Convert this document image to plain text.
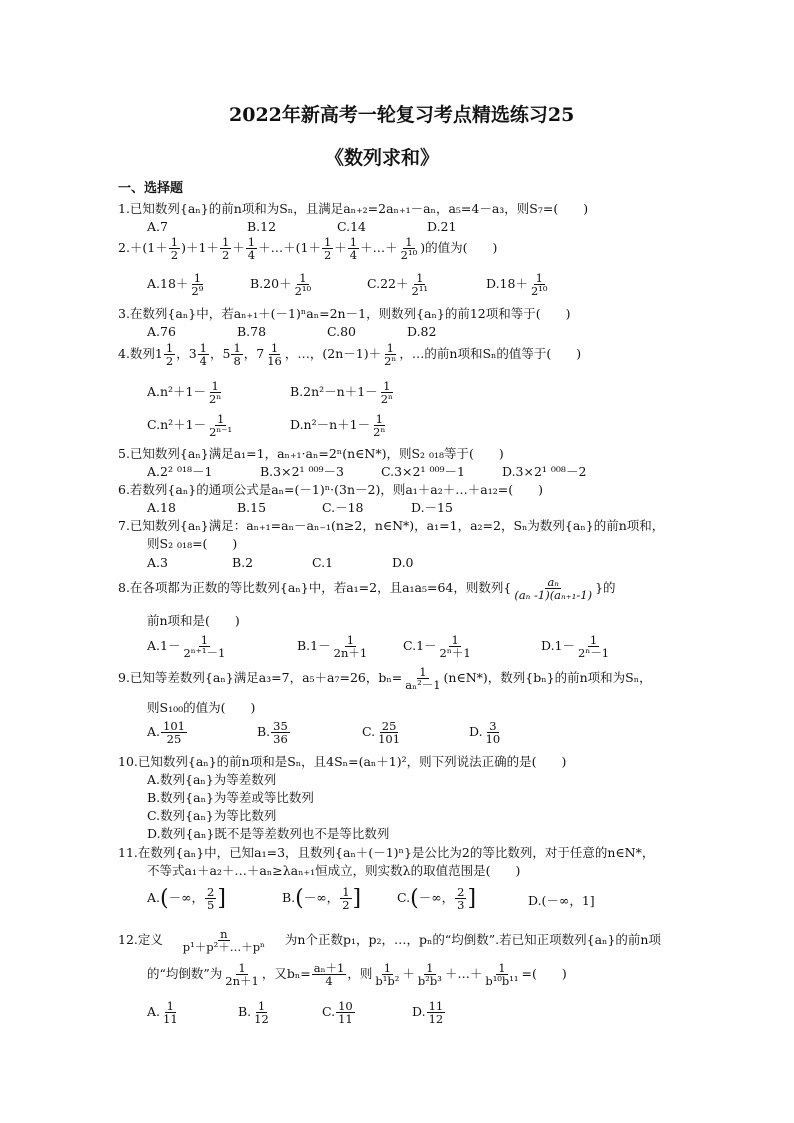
2022年新高考一轮复习考点精选练习25
《数列求和》
一、选择题
1.已知数列{aₙ}的前n项和为Sₙ，且满足aₙ₊₂=2aₙ₊₁－aₙ，a₅=4－a₃，则S₇=(　　)
A.7	B.12	C.14	D.21
$2.+(1+ \frac{1}{2} )+1+ \frac{1}{2} + \frac{1}{4}$ ＋…＋(1＋ $\frac{1}{2} + \frac{1}{4}$ ＋…＋ $\frac{1}{\text{2¹⁰}}$ )的值为(　　)
$A.18+ \frac{1}{\text{2⁹}}$	$B.20+ \frac{1}{\text{2¹⁰}}$	$C.22+ \frac{1}{\text{2¹¹}}$	$D.18+ \frac{1}{\text{2¹⁰}}$
3.在数列{aₙ}中，若aₙ₊₁＋(－1)ⁿaₙ=2n－1，则数列{aₙ}的前12项和等于(　　)
A.76	B.78	C.80	D.82
4.数列$1 \frac{1}{2}$ ，$3 \frac{1}{4}$ ，$5 \frac{1}{8}$ ，$7 \frac{1}{16}$ ，…，$(2n-1)+ \frac{1}{\text{2ⁿ}}$ ，…的前n项和Sₙ的值等于(　　)
$A.n^2+1- \frac{1}{\text{2ⁿ}}$	$B.2n^2-n+1- \frac{1}{\text{2ⁿ}}$
$C.n^2+1- \frac{1}{\text{2ⁿ⁻¹}}$	$D.n^2-n+1- \frac{1}{\text{2ⁿ}}$
5.已知数列{aₙ}满足a₁=1，aₙ₊₁·aₙ=2ⁿ(n∈N*)，则S₂ ₀₁₈等于(　　)
A.2² ⁰¹⁸－1	B.3×2¹ ⁰⁰⁹－3	C.3×2¹ ⁰⁰⁹－1	D.3×2¹ ⁰⁰⁸－2
6.若数列{aₙ}的通项公式是aₙ=(－1)ⁿ·(3n－2)，则a₁＋a₂＋…＋a₁₂=(　　)
A.18	B.15	C.－18	D.－15
7.已知数列{aₙ}满足：aₙ₊₁=aₙ－aₙ₋₁(n≥2，n∈N*)，a₁=1，a₂=2，Sₙ为数列{aₙ}的前n项和，
则S₂ ₀₁₈=(　　)
A.3	B.2	C.1	D.0
8.在各项都为正数的等比数列{aₙ}中，若a₁=2，且a₁a₅=64，则数列{ $\frac{\text{aₙ}}{\text{(aₙ -1)(aₙ₊₁-1)}}$ }的
前n项和是(　　)
$A.1- \frac{1}{\text{2ⁿ⁺¹－1}}$	$B.1- \frac{1}{2n+1}$	$C.1- \frac{1}{\text{2ⁿ＋1}}$	$D.1- \frac{1}{\text{2ⁿ－1}}$
9.已知等差数列{aₙ}满足a₃=7，a₅＋a₇=26，$b_n= \frac{1}{\text{aₙ²－1}}$ (n∈N*)，数列{bₙ}的前n项和为Sₙ，
则S₁₀₀的值为(　　)
A. $\frac{101}{25}$	B. $\frac{35}{36}$	C. $\frac{25}{101}$	D. $\frac{3}{10}$
10.已知数列{aₙ}的前n项和是Sₙ，且4Sₙ=(aₙ＋1)²，则下列说法正确的是(　　)
A.数列{aₙ}为等差数列
B.数列{aₙ}为等差或等比数列
C.数列{aₙ}为等比数列
D.数列{aₙ}既不是等差数列也不是等比数列
11.在数列{aₙ}中，已知a₁=3，且数列{aₙ＋(－1)ⁿ}是公比为2的等比数列，对于任意的n∈N*，
不等式a₁＋a₂＋…＋aₙ≥λaₙ₊₁恒成立，则实数λ的取值范围是(　　)
A. ( －∞， $\frac{2}{5}$ ]	B. ( －∞， $\frac{1}{2}$ ]	C. ( －∞， $\frac{2}{3}$ ]	D.(－∞，1]
12.定义 $\frac{n}{\text{p¹＋p²＋…＋pⁿ}}$ 为n个正数p₁，p₂，…，pₙ的“均倒数”.若已知正项数列{aₙ}的前n项
的“均倒数”为 $\frac{1}{2n+1}$ ，又$b_n= \frac{\text{aₙ＋1}}{4}$ ，则 $\frac{1}{\text{b¹b²}} + \frac{1}{\text{b²b³}}$ ＋…＋ $\frac{1}{\text{b¹⁰b¹¹}}$ =(　　)
A. $\frac{1}{11}$	B. $\frac{1}{12}$	C. $\frac{10}{11}$	D. $\frac{11}{12}$
